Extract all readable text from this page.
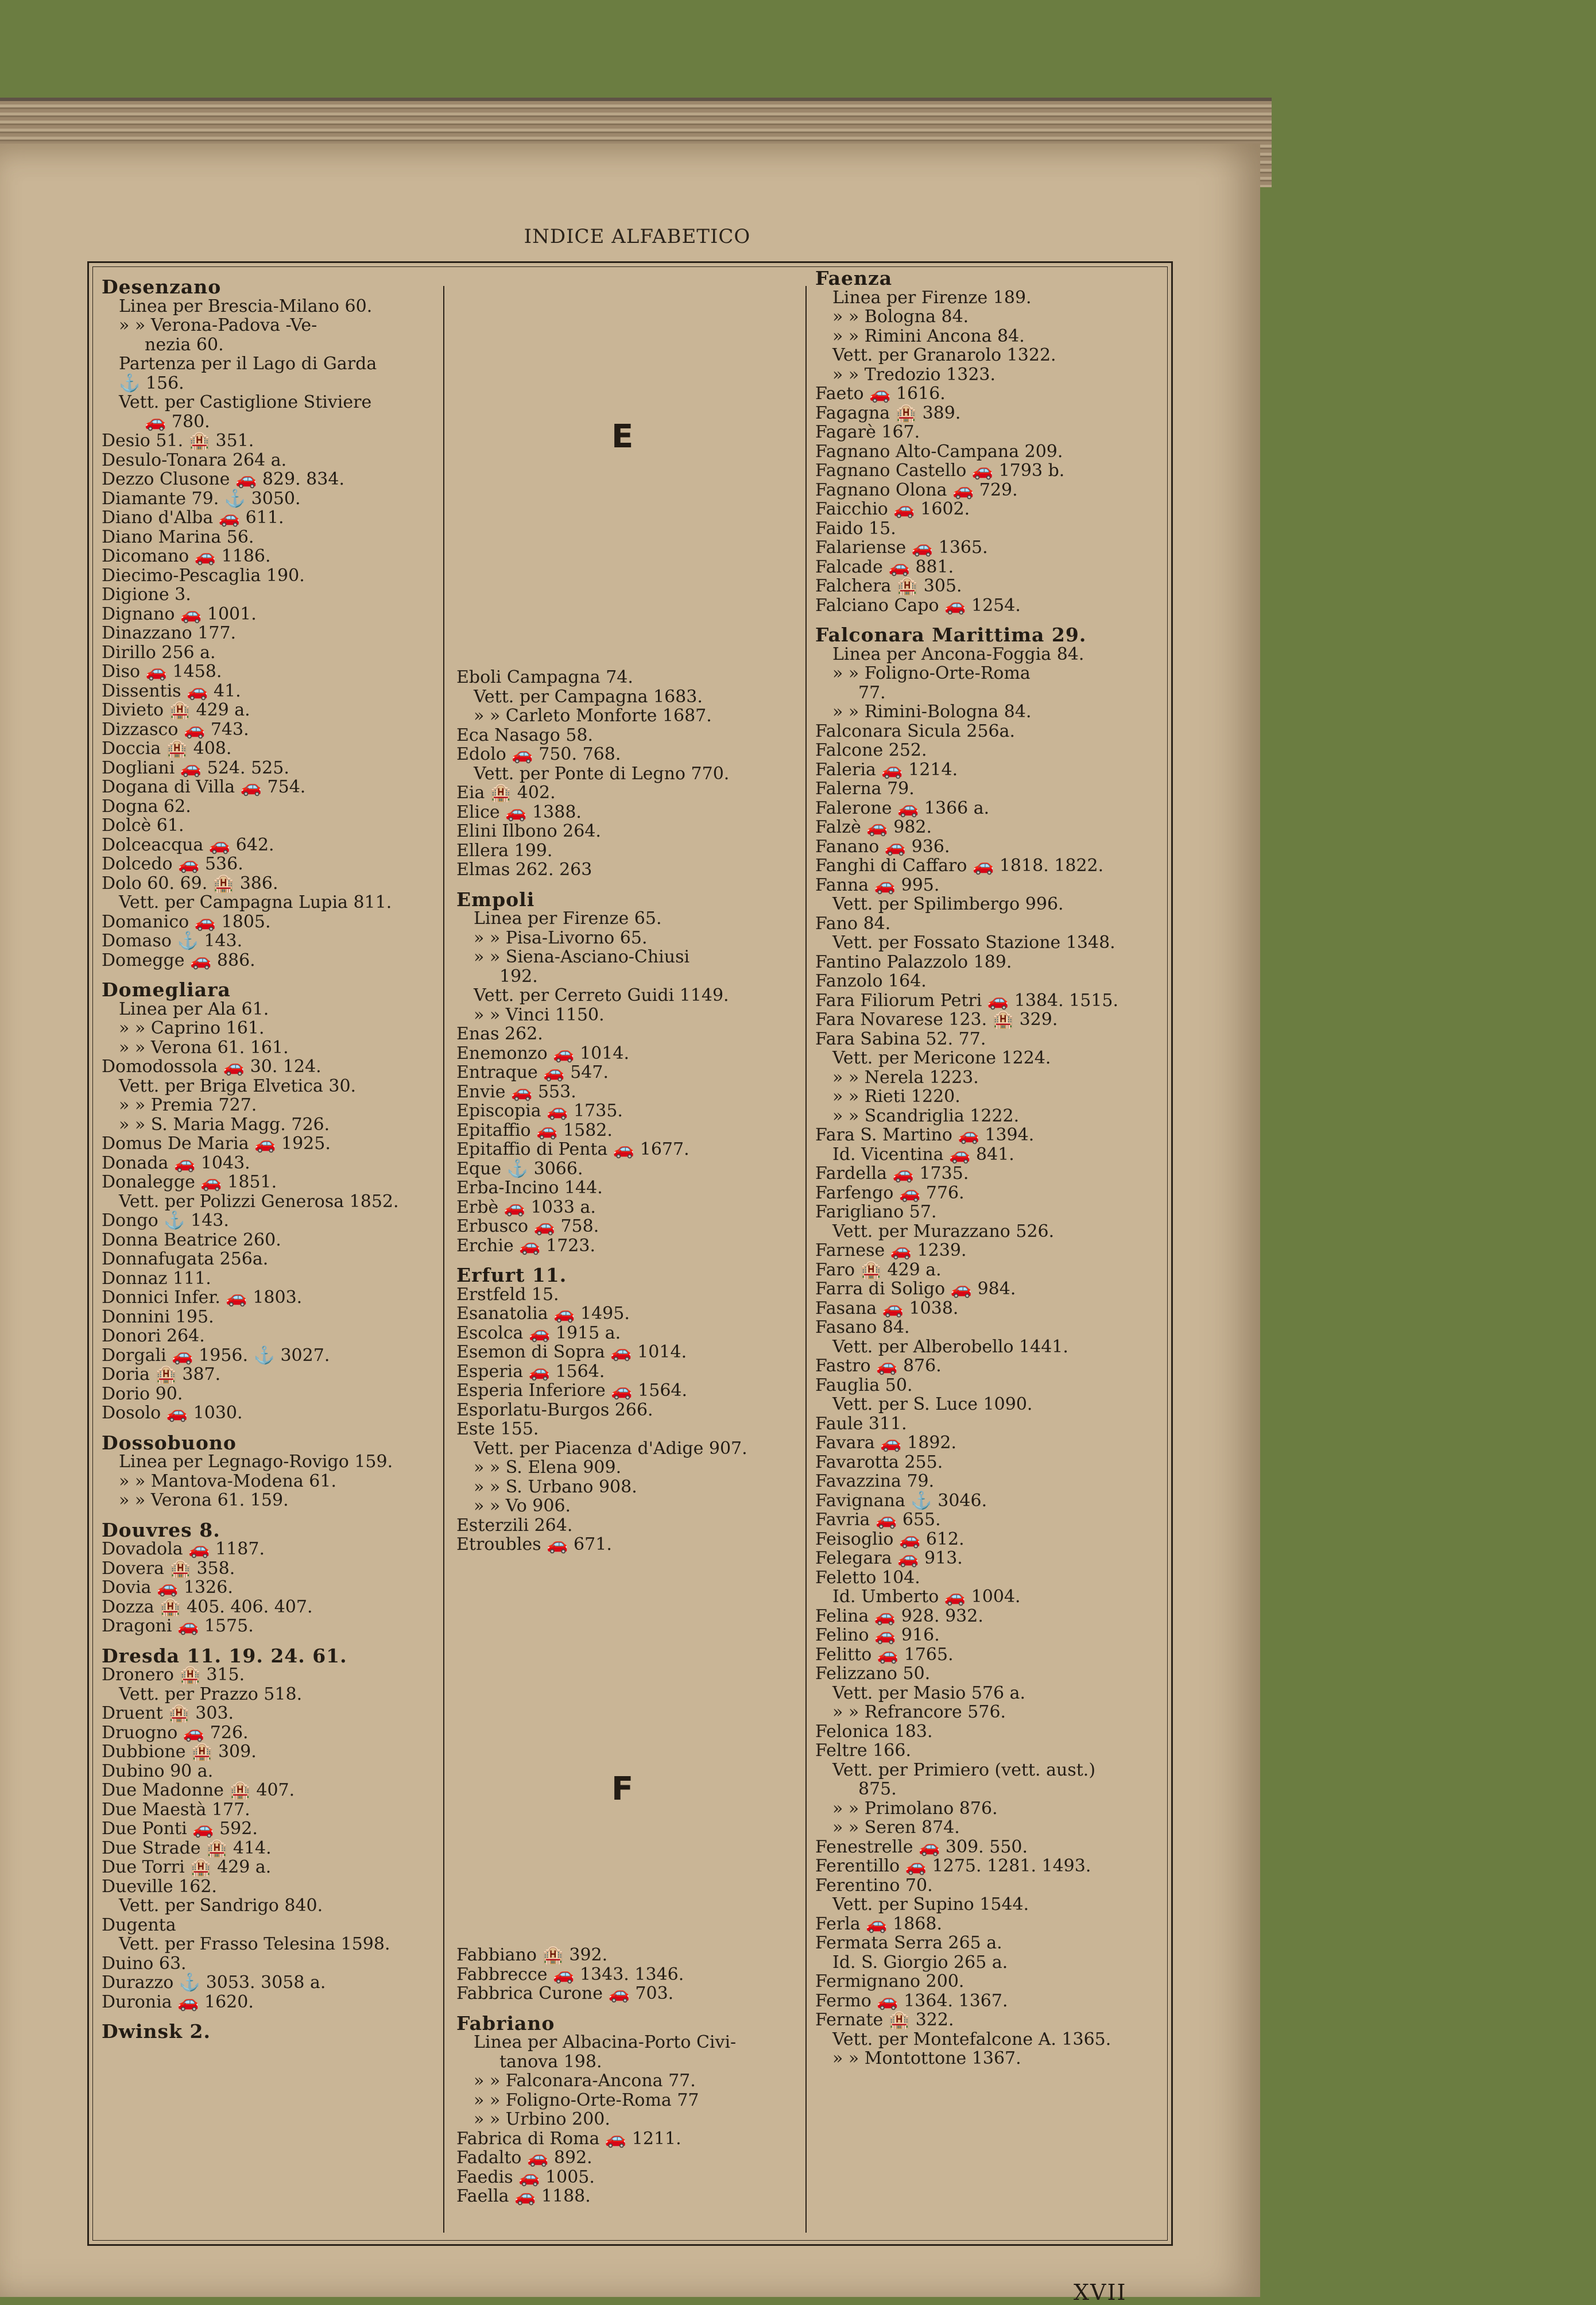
INDICE ALFABETICO
Desenzano
Linea per Brescia-Milano 60.
» » Verona-Padova -Ve-
nezia 60.
Partenza per il Lago di Garda
⚓ 156.
Vett. per Castiglione Stiviere
🚗 780.
Desio 51. 🏨 351.
Desulo-Tonara 264 a.
Dezzo Clusone 🚗 829. 834.
Diamante 79. ⚓ 3050.
Diano d'Alba 🚗 611.
Diano Marina 56.
Dicomano 🚗 1186.
Diecimo-Pescaglia 190.
Digione 3.
Dignano 🚗 1001.
Dinazzano 177.
Dirillo 256 a.
Diso 🚗 1458.
Dissentis 🚗 41.
Divieto 🏨 429 a.
Dizzasco 🚗 743.
Doccia 🏨 408.
Dogliani 🚗 524. 525.
Dogana di Villa 🚗 754.
Dogna 62.
Dolcè 61.
Dolceacqua 🚗 642.
Dolcedo 🚗 536.
Dolo 60. 69. 🏨 386.
Vett. per Campagna Lupia 811.
Domanico 🚗 1805.
Domaso ⚓ 143.
Domegge 🚗 886.
Domegliara
Linea per Ala 61.
» » Caprino 161.
» » Verona 61. 161.
Domodossola 🚗 30. 124.
Vett. per Briga Elvetica 30.
» » Premia 727.
» » S. Maria Magg. 726.
Domus De Maria 🚗 1925.
Donada 🚗 1043.
Donalegge 🚗 1851.
Vett. per Polizzi Generosa 1852.
Dongo ⚓ 143.
Donna Beatrice 260.
Donnafugata 256a.
Donnaz 111.
Donnici Infer. 🚗 1803.
Donnini 195.
Donori 264.
Dorgali 🚗 1956. ⚓ 3027.
Doria 🏨 387.
Dorio 90.
Dosolo 🚗 1030.
Dossobuono
Linea per Legnago-Rovigo 159.
» » Mantova-Modena 61.
» » Verona 61. 159.
Douvres 8.
Dovadola 🚗 1187.
Dovera 🏨 358.
Dovia 🚗 1326.
Dozza 🏨 405. 406. 407.
Dragoni 🚗 1575.
Dresda 11. 19. 24. 61.
Dronero 🏨 315.
Vett. per Prazzo 518.
Druent 🏨 303.
Druogno 🚗 726.
Dubbione 🏨 309.
Dubino 90 a.
Due Madonne 🏨 407.
Due Maestà 177.
Due Ponti 🚗 592.
Due Strade 🏨 414.
Due Torri 🏨 429 a.
Dueville 162.
Vett. per Sandrigo 840.
Dugenta
Vett. per Frasso Telesina 1598.
Duino 63.
Durazzo ⚓ 3053. 3058 a.
Duronia 🚗 1620.
Dwinsk 2.
E
Eboli Campagna 74.
Vett. per Campagna 1683.
» » Carleto Monforte 1687.
Eca Nasago 58.
Edolo 🚗 750. 768.
Vett. per Ponte di Legno 770.
Eia 🏨 402.
Elice 🚗 1388.
Elini Ilbono 264.
Ellera 199.
Elmas 262. 263
Empoli
Linea per Firenze 65.
» » Pisa-Livorno 65.
» » Siena-Asciano-Chiusi
192.
Vett. per Cerreto Guidi 1149.
» » Vinci 1150.
Enas 262.
Enemonzo 🚗 1014.
Entraque 🚗 547.
Envie 🚗 553.
Episcopia 🚗 1735.
Epitaffio 🚗 1582.
Epitaffio di Penta 🚗 1677.
Eque ⚓ 3066.
Erba-Incino 144.
Erbè 🚗 1033 a.
Erbusco 🚗 758.
Erchie 🚗 1723.
Erfurt 11.
Erstfeld 15.
Esanatolia 🚗 1495.
Escolca 🚗 1915 a.
Esemon di Sopra 🚗 1014.
Esperia 🚗 1564.
Esperia Inferiore 🚗 1564.
Esporlatu-Burgos 266.
Este 155.
Vett. per Piacenza d'Adige 907.
» » S. Elena 909.
» » S. Urbano 908.
» » Vo 906.
Esterzili 264.
Etroubles 🚗 671.
F
Fabbiano 🏨 392.
Fabbrecce 🚗 1343. 1346.
Fabbrica Curone 🚗 703.
Fabriano
Linea per Albacina-Porto Civi-
tanova 198.
» » Falconara-Ancona 77.
» » Foligno-Orte-Roma 77
» » Urbino 200.
Fabrica di Roma 🚗 1211.
Fadalto 🚗 892.
Faedis 🚗 1005.
Faella 🚗 1188.
Faenza
Linea per Firenze 189.
» » Bologna 84.
» » Rimini Ancona 84.
Vett. per Granarolo 1322.
» » Tredozio 1323.
Faeto 🚗 1616.
Fagagna 🏨 389.
Fagarè 167.
Fagnano Alto-Campana 209.
Fagnano Castello 🚗 1793 b.
Fagnano Olona 🚗 729.
Faicchio 🚗 1602.
Faido 15.
Falariense 🚗 1365.
Falcade 🚗 881.
Falchera 🏨 305.
Falciano Capo 🚗 1254.
Falconara Marittima 29.
Linea per Ancona-Foggia 84.
» » Foligno-Orte-Roma
77.
» » Rimini-Bologna 84.
Falconara Sicula 256a.
Falcone 252.
Faleria 🚗 1214.
Falerna 79.
Falerone 🚗 1366 a.
Falzè 🚗 982.
Fanano 🚗 936.
Fanghi di Caffaro 🚗 1818. 1822.
Fanna 🚗 995.
Vett. per Spilimbergo 996.
Fano 84.
Vett. per Fossato Stazione 1348.
Fantino Palazzolo 189.
Fanzolo 164.
Fara Filiorum Petri 🚗 1384. 1515.
Fara Novarese 123. 🏨 329.
Fara Sabina 52. 77.
Vett. per Mericone 1224.
» » Nerela 1223.
» » Rieti 1220.
» » Scandriglia 1222.
Fara S. Martino 🚗 1394.
Id. Vicentina 🚗 841.
Fardella 🚗 1735.
Farfengo 🚗 776.
Farigliano 57.
Vett. per Murazzano 526.
Farnese 🚗 1239.
Faro 🏨 429 a.
Farra di Soligo 🚗 984.
Fasana 🚗 1038.
Fasano 84.
Vett. per Alberobello 1441.
Fastro 🚗 876.
Fauglia 50.
Vett. per S. Luce 1090.
Faule 311.
Favara 🚗 1892.
Favarotta 255.
Favazzina 79.
Favignana ⚓ 3046.
Favria 🚗 655.
Feisoglio 🚗 612.
Felegara 🚗 913.
Feletto 104.
Id. Umberto 🚗 1004.
Felina 🚗 928. 932.
Felino 🚗 916.
Felitto 🚗 1765.
Felizzano 50.
Vett. per Masio 576 a.
» » Refrancore 576.
Felonica 183.
Feltre 166.
Vett. per Primiero (vett. aust.)
875.
» » Primolano 876.
» » Seren 874.
Fenestrelle 🚗 309. 550.
Ferentillo 🚗 1275. 1281. 1493.
Ferentino 70.
Vett. per Supino 1544.
Ferla 🚗 1868.
Fermata Serra 265 a.
Id. S. Giorgio 265 a.
Fermignano 200.
Fermo 🚗 1364. 1367.
Fernate 🏨 322.
Vett. per Montefalcone A. 1365.
» » Montottone 1367.
XVII
